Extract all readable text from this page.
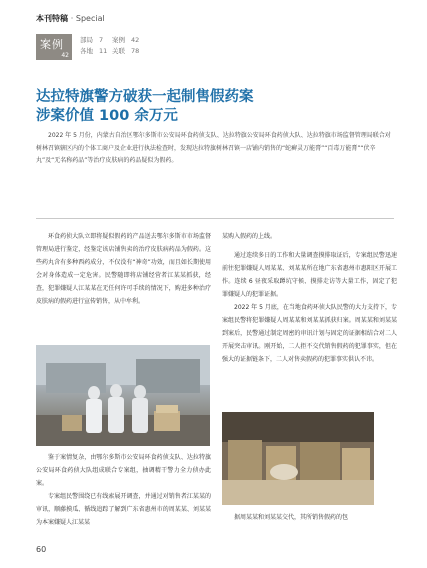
本刊特稿 · Special
案例
42
部局 7
各地 11
案例 42
关联 78
达拉特旗警方破获一起制售假药案
涉案价值 100 余万元
2022 年 5 月份，内蒙古自治区鄂尔多斯市公安局环食药侦支队、达拉特旗公安局环食药侦大队、达拉特旗市场监督管理局联合对树林召镇辖区内的个体工商户及企业进行执法检查时，发现达拉特旗树林召镇一店铺内销售的“蛇癣灵万能膏”“百毒万能膏”“伏辛丸”及“无名称药品”等治疗皮肤病的药品疑似为假药。

环食药侦大队立即将疑似假药的产品送去鄂尔多斯市市场监督管理局进行鉴定，经鉴定该店铺售卖的治疗皮肤病药品为假药。这些药丸含有多种西药成分，不仅没有“神奇”功效，而且如长期使用会对身体造成一定危害。民警随即将店铺经营者江某某抓获，经查，犯罪嫌疑人江某某在无任何许可手续的情况下，购进多种治疗皮肤病的假药进行宣传销售，从中牟利。

鉴于案情复杂，由鄂尔多斯市公安局环食药侦支队、达拉特旗公安局环食药侦大队组成联合专案组，抽调精干警力全力侦办此案。

专案组民警围绕已有线索展开调查，并通过对销售者江某某的审讯，顺藤摸瓜、循线追踪了解到广东省惠州市的周某某、刘某某为本案嫌疑人江某某

某购入假药的上线。

通过连续多日的工作和大量调查摸排取证后，专案组民警迅速前往犯罪嫌疑人周某某、刘某某所在地广东省惠州市惠阳区开展工作。连续 6 昼夜采取蹲坑守候、摸排走访等大量工作，固定了犯罪嫌疑人的犯罪证据。

2022 年 5 月底，在当地食药环侦大队民警的大力支持下，专案组民警将犯罪嫌疑人周某某和刘某某抓获归案。周某某和刘某某到案后，民警通过制定周密的审讯计划与固定的证据相结合对二人开展突击审讯。刚开始，二人拒不交代销售假药的犯罪事实，但在强大的证据链条下，二人对售卖假药的犯罪事实供认不讳。

据周某某和刘某某交代，其所销售假药的包

60
